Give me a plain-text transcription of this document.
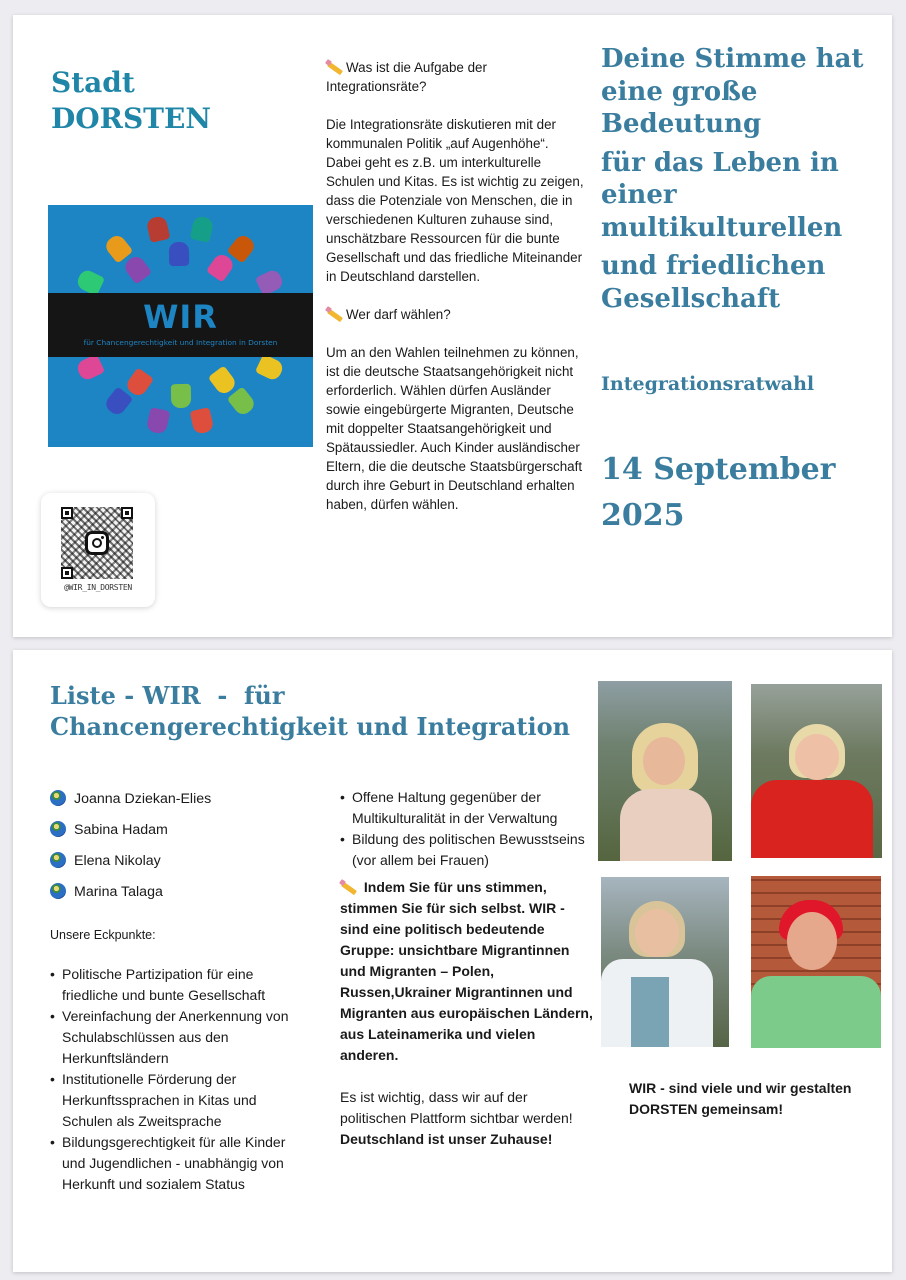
Stadt
DORSTEN
WIR
für Chancengerechtigkeit und Integration in Dorsten
@WIR_IN_DORSTEN
Was ist die Aufgabe der Integrationsräte?
Die Integrationsräte diskutieren mit der kommunalen Politik „auf Augenhöhe“. Dabei geht es z.B. um interkulturelle Schulen und Kitas. Es ist wichtig zu zeigen, dass die Potenziale von Menschen, die in verschiedenen Kulturen zuhause sind, unschätzbare Ressourcen für die bunte Gesellschaft und das friedliche Miteinander in Deutschland darstellen.
Wer darf wählen?
Um an den Wahlen teilnehmen zu können, ist die deutsche Staatsangehörigkeit nicht erforderlich. Wählen dürfen Ausländer sowie eingebürgerte Migranten, Deutsche mit doppelter Staatsangehörigkeit und Spätaussiedler. Auch Kinder ausländischer Eltern, die die deutsche Staatsbürgerschaft durch ihre Geburt in Deutschland erhalten haben, dürfen wählen.
Deine Stimme hat eine große Bedeutung
für das Leben in einer multikulturellen
und friedlichen Gesellschaft
Integrationsratwahl
14 September 2025
Liste - WIR  -  für
Chancengerechtigkeit und Integration
Joanna Dziekan-Elies
Sabina Hadam
Elena Nikolay
Marina Talaga
Unsere Eckpunkte:
• Politische Partizipation für eine friedliche und bunte Gesellschaft
• Vereinfachung der Anerkennung von Schulabschlüssen aus den Herkunftsländern
• Institutionelle Förderung der Herkunftssprachen in Kitas und Schulen als Zweitsprache
• Bildungsgerechtigkeit für alle Kinder und Jugendlichen - unabhängig von Herkunft und sozialem Status
• Offene Haltung gegenüber der Multikulturalität in der Verwaltung
• Bildung des politischen Bewusstseins (vor allem bei Frauen)
Indem Sie für uns stimmen, stimmen Sie für sich selbst. WIR - sind eine politisch bedeutende Gruppe: unsichtbare Migrantinnen und Migranten – Polen, Russen,Ukrainer Migrantinnen und Migranten aus europäischen Ländern, aus Lateinamerika und vielen anderen.
Es ist wichtig, dass wir auf der politischen Plattform sichtbar werden!
Deutschland ist unser Zuhause!
WIR - sind viele und wir gestalten DORSTEN gemeinsam!
